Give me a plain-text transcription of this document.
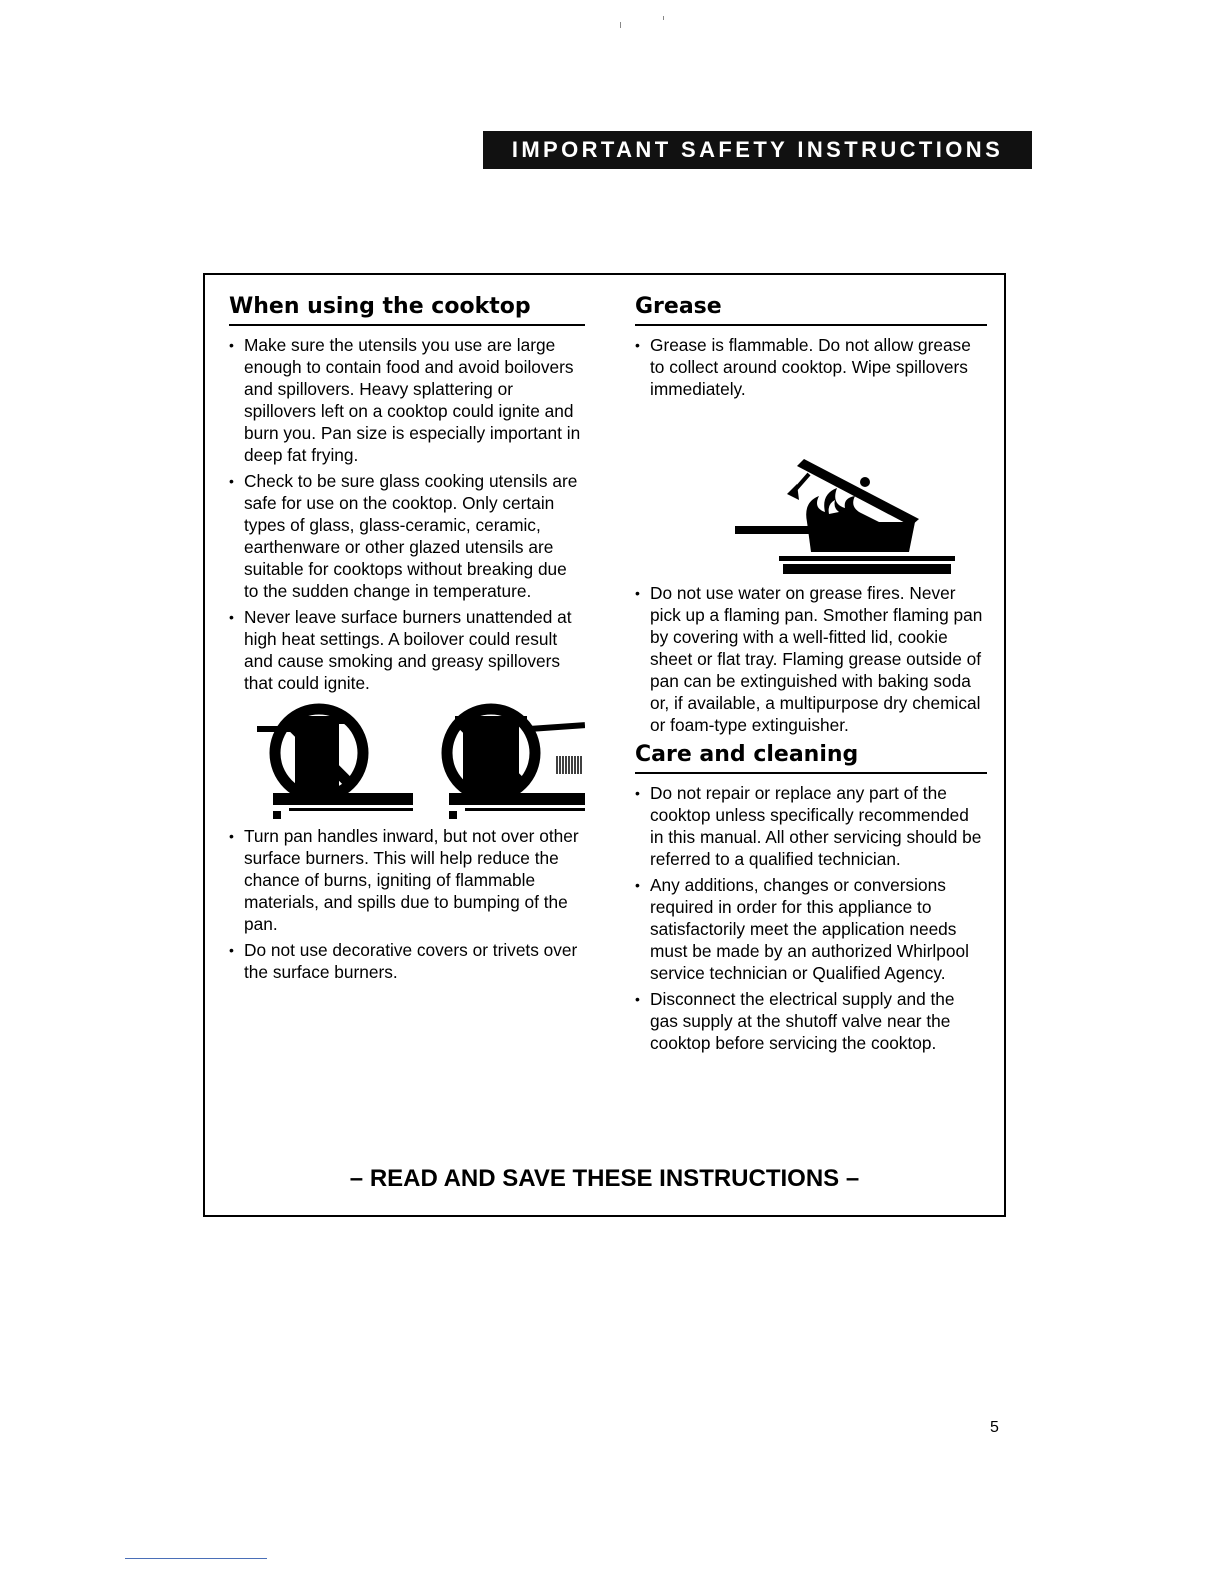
IMPORTANT SAFETY INSTRUCTIONS
When using the cooktop
• Make sure the utensils you use are large enough to contain food and avoid boilovers and spillovers. Heavy splattering or spillovers left on a cooktop could ignite and burn you. Pan size is especially important in deep fat frying.
• Check to be sure glass cooking utensils are safe for use on the cooktop. Only certain types of glass, glass-ceramic, ceramic, earthenware or other glazed utensils are suitable for cooktops without breaking due to the sudden change in temperature.
• Never leave surface burners unattended at high heat settings. A boilover could result and cause smoking and greasy spillovers that could ignite.
• Turn pan handles inward, but not over other surface burners. This will help reduce the chance of burns, igniting of flammable materials, and spills due to bumping of the pan.
• Do not use decorative covers or trivets over the surface burners.
Grease
• Grease is flammable. Do not allow grease to collect around cooktop. Wipe spillovers immediately.
• Do not use water on grease fires. Never pick up a flaming pan. Smother flaming pan by covering with a well-fitted lid, cookie sheet or flat tray. Flaming grease outside of pan can be extinguished with baking soda or, if available, a multipurpose dry chemical or foam-type extinguisher.
Care and cleaning
• Do not repair or replace any part of the cooktop unless specifically recommended in this manual. All other servicing should be referred to a qualified technician.
• Any additions, changes or conversions required in order for this appliance to satisfactorily meet the application needs must be made by an authorized Whirlpool service technician or Qualified Agency.
• Disconnect the electrical supply and the gas supply at the shutoff valve near the cooktop before servicing the cooktop.
– READ AND SAVE THESE INSTRUCTIONS –
5
